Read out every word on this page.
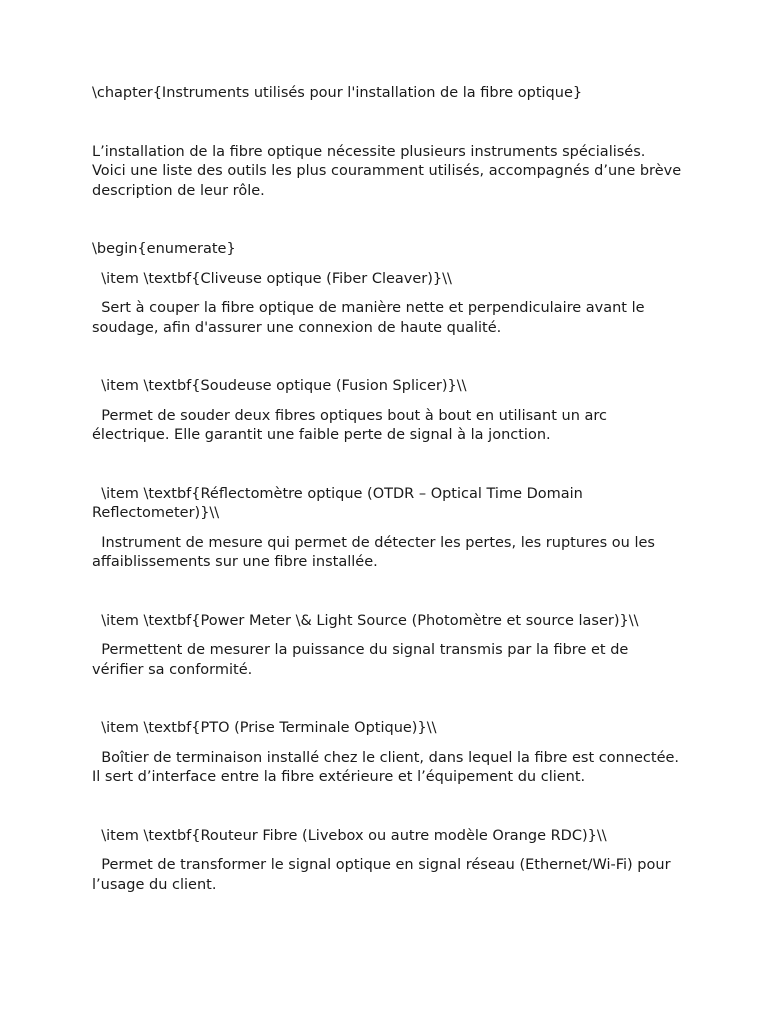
\chapter{Instruments utilisés pour l'installation de la fibre optique}

L’installation de la fibre optique nécessite plusieurs instruments spécialisés. Voici une liste des outils les plus couramment utilisés, accompagnés d’une brève description de leur rôle.

\begin{enumerate}

\item \textbf{Cliveuse optique (Fiber Cleaver)}\\

Sert à couper la fibre optique de manière nette et perpendiculaire avant le soudage, afin d'assurer une connexion de haute qualité.

\item \textbf{Soudeuse optique (Fusion Splicer)}\\

Permet de souder deux fibres optiques bout à bout en utilisant un arc électrique. Elle garantit une faible perte de signal à la jonction.

\item \textbf{Réflectomètre optique (OTDR – Optical Time Domain Reflectometer)}\\

Instrument de mesure qui permet de détecter les pertes, les ruptures ou les affaiblissements sur une fibre installée.

\item \textbf{Power Meter \& Light Source (Photomètre et source laser)}\\

Permettent de mesurer la puissance du signal transmis par la fibre et de vérifier sa conformité.

\item \textbf{PTO (Prise Terminale Optique)}\\

Boîtier de terminaison installé chez le client, dans lequel la fibre est connectée. Il sert d’interface entre la fibre extérieure et l’équipement du client.

\item \textbf{Routeur Fibre (Livebox ou autre modèle Orange RDC)}\\

Permet de transformer le signal optique en signal réseau (Ethernet/Wi-Fi) pour l’usage du client.
